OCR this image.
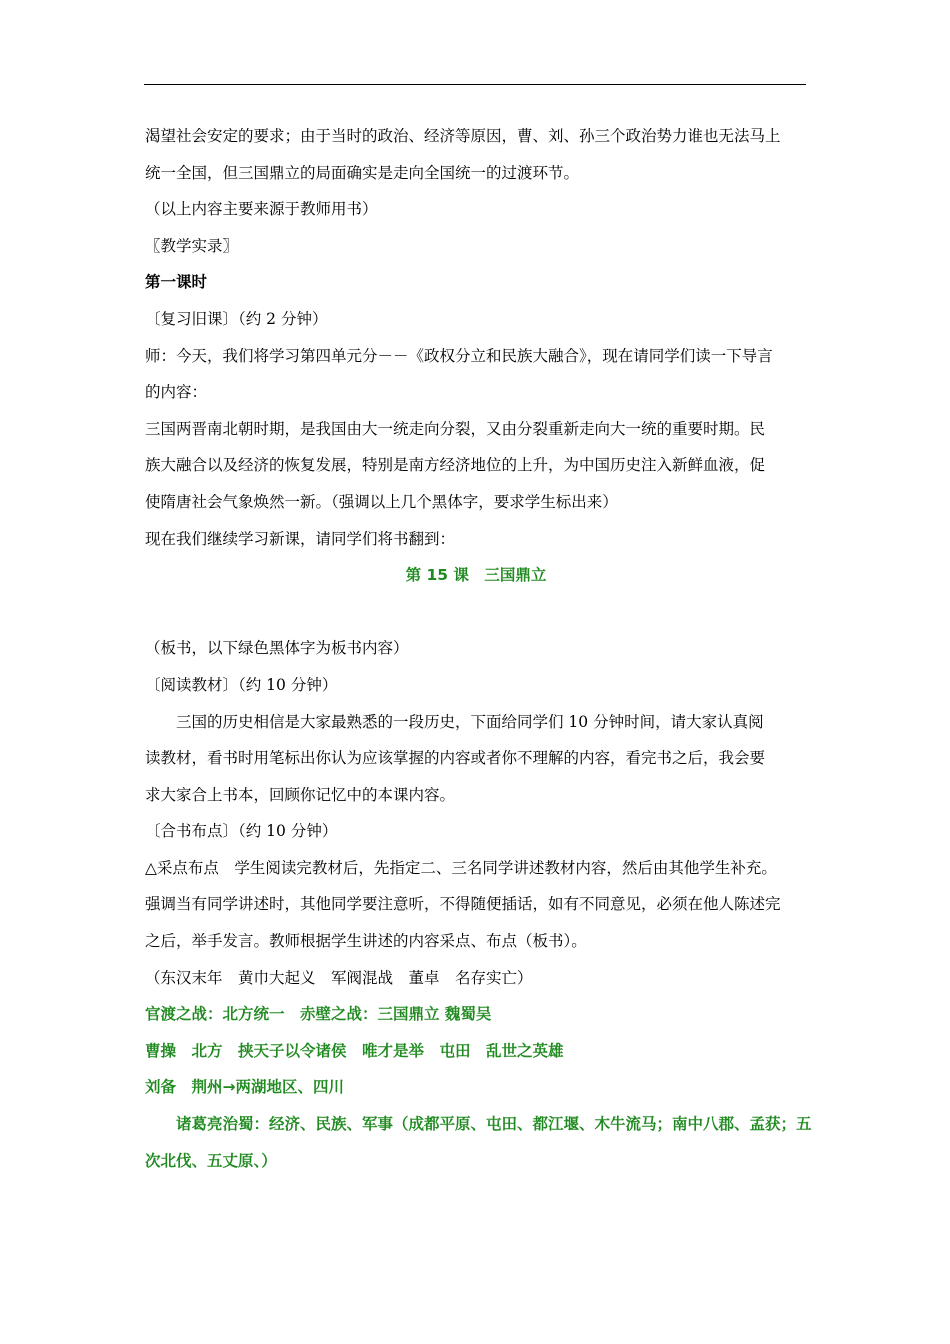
渴望社会安定的要求；由于当时的政治、经济等原因，曹、刘、孙三个政治势力谁也无法马上
统一全国，但三国鼎立的局面确实是走向全国统一的过渡环节。
（以上内容主要来源于教师用书）
〖教学实录〗
第一课时
〔复习旧课〕（约 2 分钟）
师：今天，我们将学习第四单元分－－《政权分立和民族大融合》，现在请同学们读一下导言
的内容：
三国两晋南北朝时期，是我国由大一统走向分裂，又由分裂重新走向大一统的重要时期。民
族大融合以及经济的恢复发展，特别是南方经济地位的上升，为中国历史注入新鲜血液，促
使隋唐社会气象焕然一新。（强调以上几个黑体字，要求学生标出来）
现在我们继续学习新课，请同学们将书翻到：
第 15 课　三国鼎立
（板书，以下绿色黑体字为板书内容）
〔阅读教材〕（约 10 分钟）
三国的历史相信是大家最熟悉的一段历史，下面给同学们 10 分钟时间，请大家认真阅
读教材，看书时用笔标出你认为应该掌握的内容或者你不理解的内容，看完书之后，我会要
求大家合上书本，回顾你记忆中的本课内容。
〔合书布点〕（约 10 分钟）
△采点布点　学生阅读完教材后，先指定二、三名同学讲述教材内容，然后由其他学生补充。
强调当有同学讲述时，其他同学要注意听，不得随便插话，如有不同意见，必须在他人陈述完
之后，举手发言。教师根据学生讲述的内容采点、布点（板书）。
（东汉末年　黄巾大起义　军阀混战　董卓　名存实亡）
官渡之战：北方统一　赤壁之战：三国鼎立 魏蜀吴
曹操　北方　挟天子以令诸侯　唯才是举　屯田　乱世之英雄
刘备　荆州→两湖地区、四川
诸葛亮治蜀：经济、民族、军事（成都平原、屯田、都江堰、木牛流马；南中八郡、孟获；五
次北伐、五丈原、）
